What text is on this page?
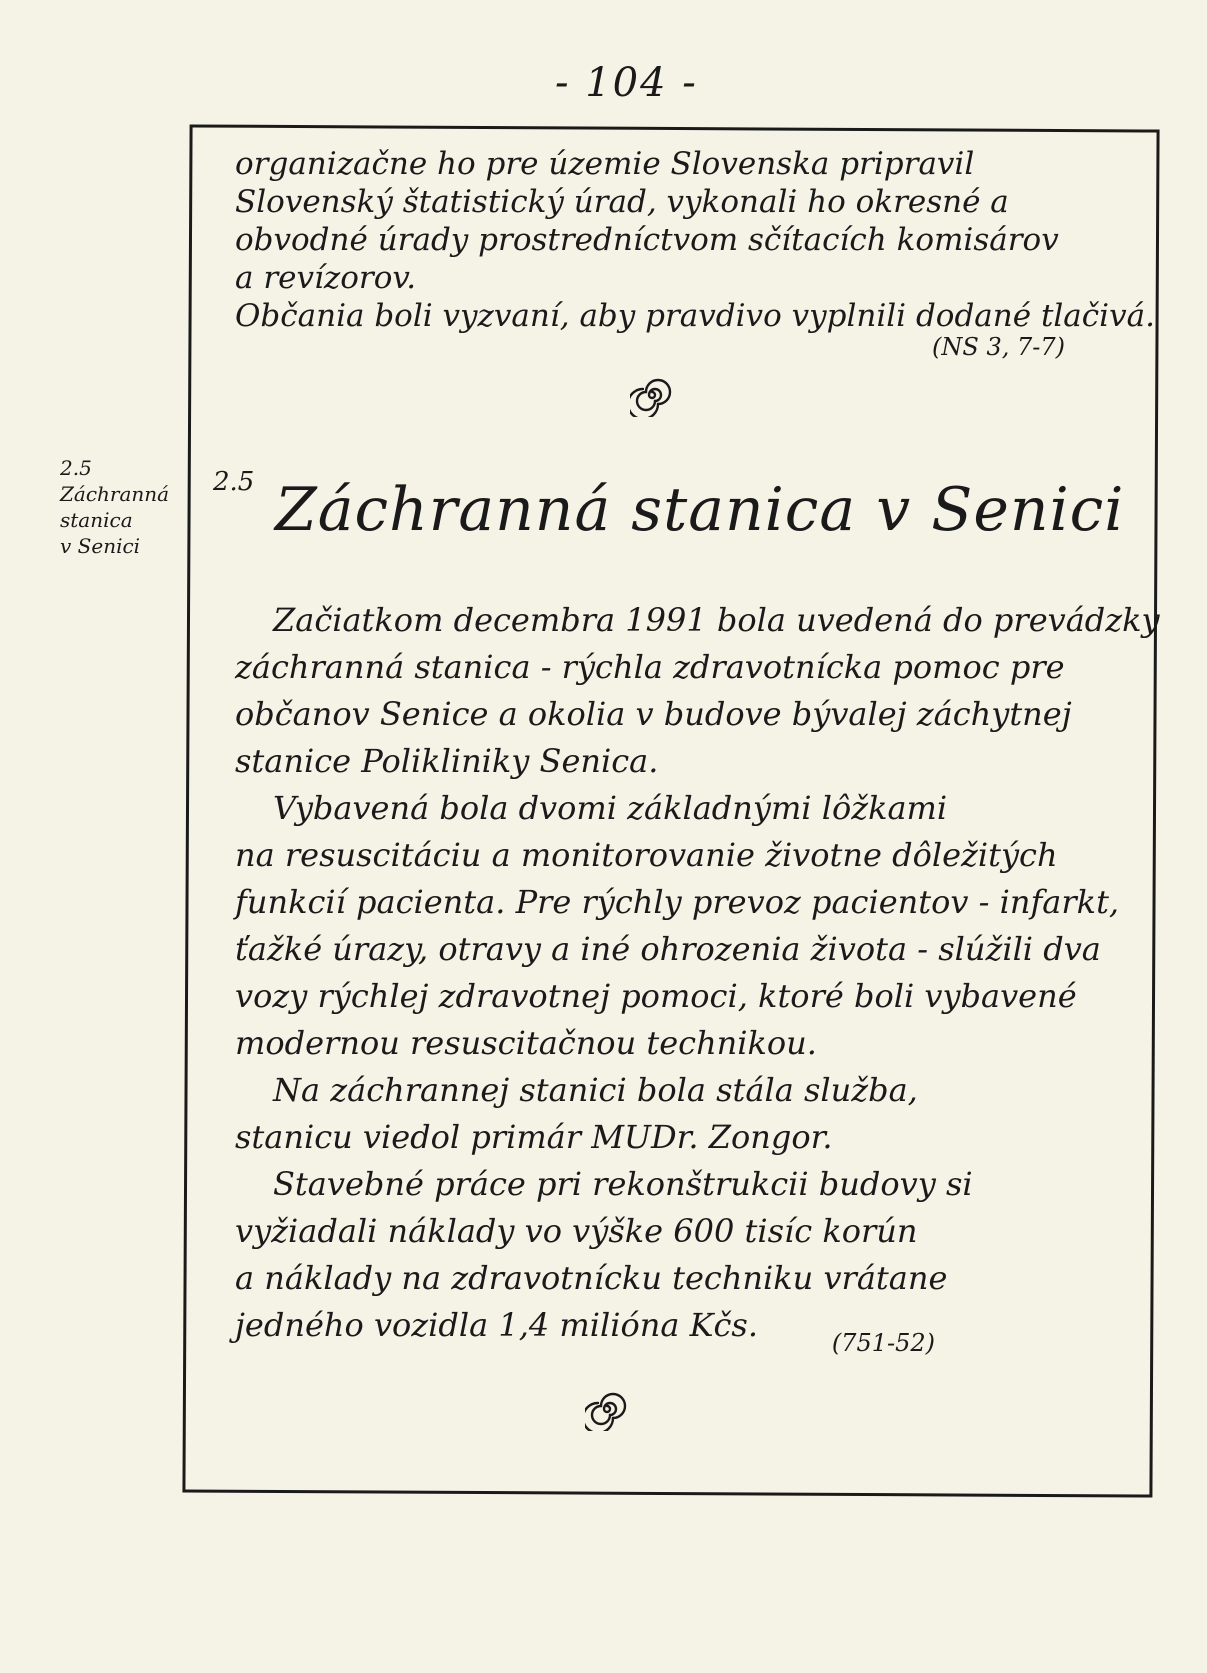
- 104 -
2.5
Záchranná
stanica
v Senici
organizačne ho pre územie Slovenska pripravil
Slovenský štatistický úrad, vykonali ho okresné a
obvodné úrady prostredníctvom sčítacích komisárov
a revízorov.
Občania boli vyzvaní, aby pravdivo vyplnili dodané tlačivá.
(NS 3, 7-7)
2.5 Záchranná stanica v Senici
Začiatkom decembra 1991 bola uvedená do prevádzky
záchranná stanica - rýchla zdravotnícka pomoc pre
občanov Senice a okolia v budove bývalej záchytnej
stanice Polikliniky Senica.
Vybavená bola dvomi základnými lôžkami
na resuscitáciu a monitorovanie životne dôležitých
funkcií pacienta. Pre rýchly prevoz pacientov - infarkt,
ťažké úrazy, otravy a iné ohrozenia života - slúžili dva
vozy rýchlej zdravotnej pomoci, ktoré boli vybavené
modernou resuscitačnou technikou.
Na záchrannej stanici bola stála služba,
stanicu viedol primár MUDr. Zongor.
Stavebné práce pri rekonštrukcii budovy si
vyžiadali náklady vo výške 600 tisíc korún
a náklady na zdravotnícku techniku vrátane
jedného vozidla 1,4 milióna Kčs.	(751-52)
